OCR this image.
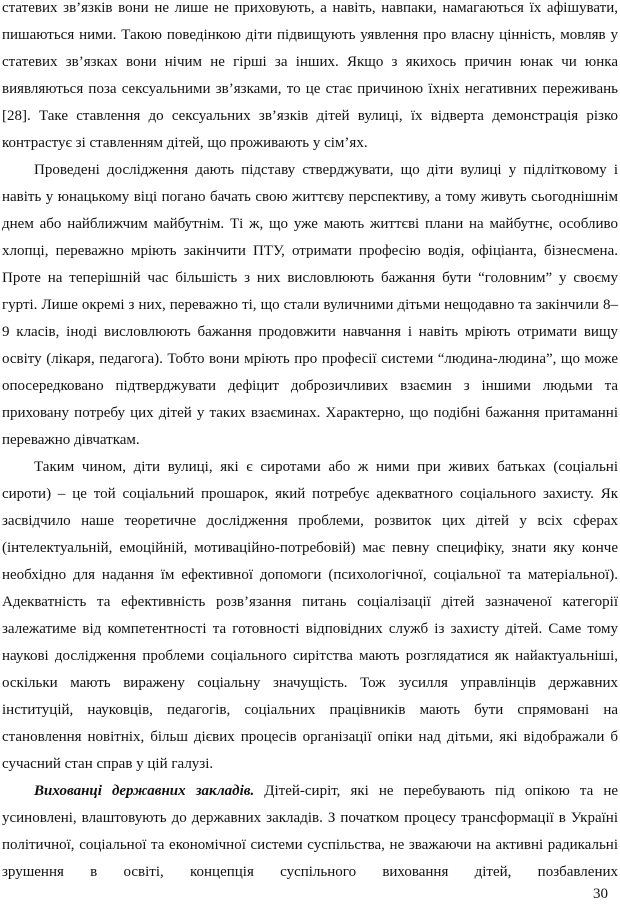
статевих зв’язків вони не лише не приховують, а навіть, навпаки, намагаються їх афішувати, пишаються ними. Такою поведінкою діти підвищують уявлення про власну цінність, мовляв у статевих зв’язках вони нічим не гірші за інших. Якщо з якихось причин юнак чи юнка виявляються поза сексуальними зв’язками, то це стає причиною їхніх негативних переживань [28]. Таке ставлення до сексуальних зв’язків дітей вулиці, їх відверта демонстрація різко контрастує зі ставленням дітей, що проживають у сім’ях.

Проведені дослідження дають підставу стверджувати, що діти вулиці у підлітковому і навіть у юнацькому віці погано бачать свою життєву перспективу, а тому живуть сьогоднішнім днем або найближчим майбутнім. Ті ж, що уже мають життєві плани на майбутнє, особливо хлопці, переважно мріють закінчити ПТУ, отримати професію водія, офіціанта, бізнесмена. Проте на теперішній час більшість з них висловлюють бажання бути “головним” у своєму гурті. Лише окремі з них, переважно ті, що стали вуличними дітьми нещодавно та закінчили 8–9 класів, іноді висловлюють бажання продовжити навчання і навіть мріють отримати вищу освіту (лікаря, педагога). Тобто вони мріють про професії системи “людина-людина”, що може опосередковано підтверджувати дефіцит доброзичливих взаємин з іншими людьми та приховану потребу цих дітей у таких взаєминах. Характерно, що подібні бажання притаманні переважно дівчаткам.

Таким чином, діти вулиці, які є сиротами або ж ними при живих батьках (соціальні сироти) – це той соціальний прошарок, який потребує адекватного соціального захисту. Як засвідчило наше теоретичне дослідження проблеми, розвиток цих дітей у всіх сферах (інтелектуальній, емоційній, мотиваційно-потребовій) має певну специфіку, знати яку конче необхідно для надання їм ефективної допомоги (психологічної, соціальної та матеріальної). Адекватність та ефективність розв’язання питань соціалізації дітей зазначеної категорії залежатиме від компетентності та готовності відповідних служб із захисту дітей. Саме тому наукові дослідження проблеми соціального сирітства мають розглядатися як найактуальніші, оскільки мають виражену соціальну значущість. Тож зусилля управлінців державних інституцій, науковців, педагогів, соціальних працівників мають бути спрямовані на становлення новітніх, більш дієвих процесів організації опіки над дітьми, які відображали б сучасний стан справ у цій галузі.

Вихованці державних закладів. Дітей-сиріт, які не перебувають під опікою та не усиновлені, влаштовують до державних закладів. З початком процесу трансформації в Україні політичної, соціальної та економічної системи суспільства, не зважаючи на активні радикальні зрушення в освіті, концепція суспільного виховання дітей, позбавлених

30
